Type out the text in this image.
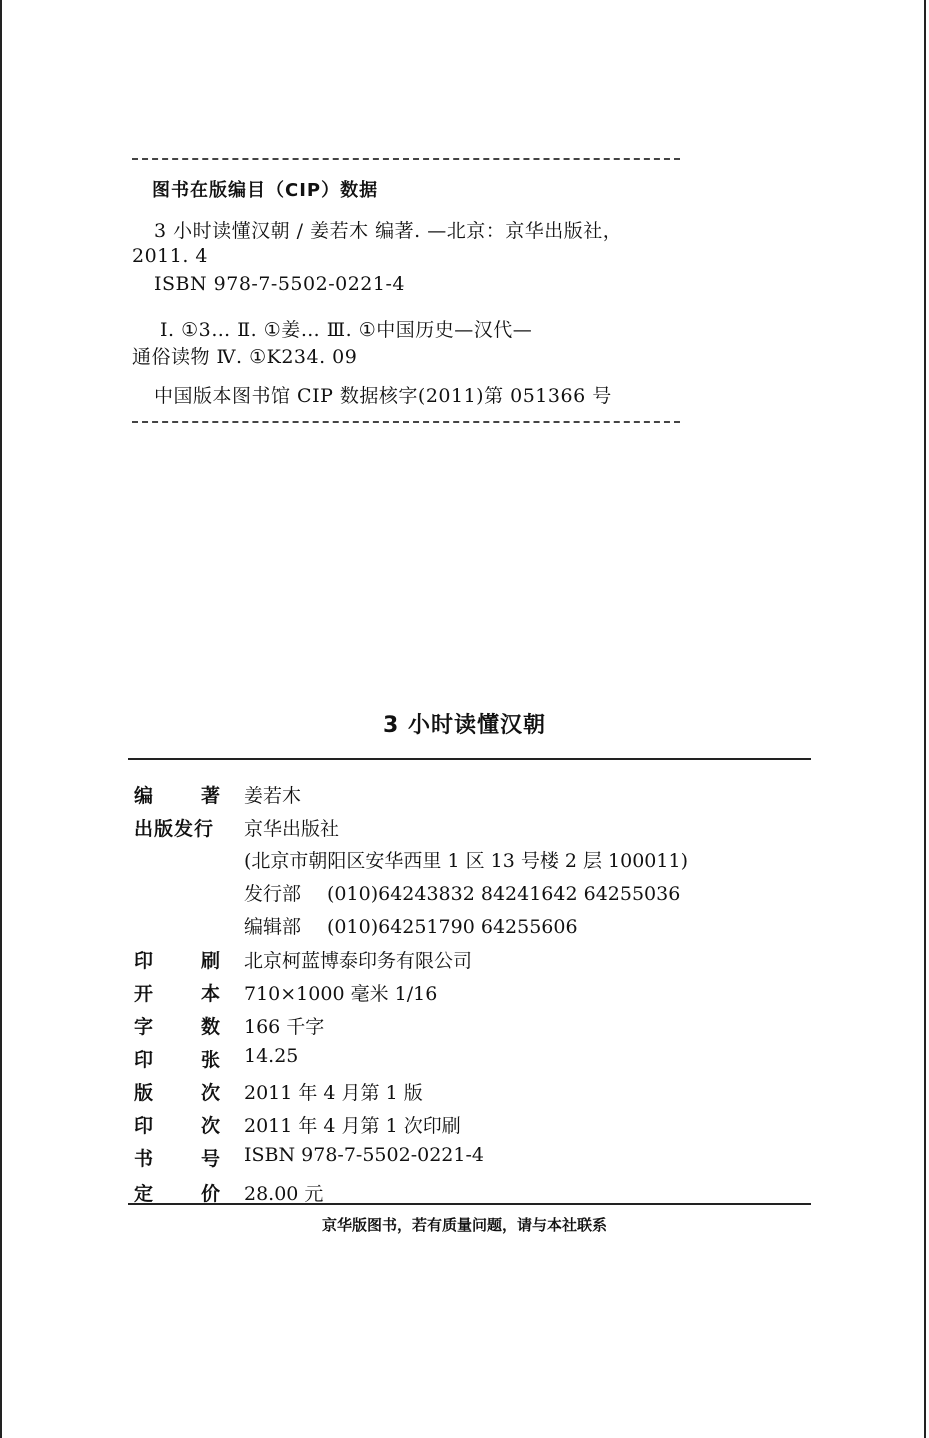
图书在版编目（CIP）数据
3 小时读懂汉朝 / 姜若木 编著. —北京：京华出版社，
2011. 4
ISBN 978-7-5502-0221-4
Ⅰ. ①3… Ⅱ. ①姜… Ⅲ. ①中国历史—汉代—
通俗读物 Ⅳ. ①K234. 09
中国版本图书馆 CIP 数据核字(2011)第 051366 号
3 小时读懂汉朝
编	著 姜若木
出版发行	京华出版社
(北京市朝阳区安华西里 1 区 13 号楼 2 层 100011)
发行部 (010)64243832 84241642 64255036
编辑部 (010)64251790 64255606
印	刷 北京柯蓝博泰印务有限公司
开	本 710×1000 毫米 1/16
字	数 166 千字
印	张 14.25
版	次 2011 年 4 月第 1 版
印	次 2011 年 4 月第 1 次印刷
书	号 ISBN 978-7-5502-0221-4
定	价 28.00 元
京华版图书，若有质量问题，请与本社联系
